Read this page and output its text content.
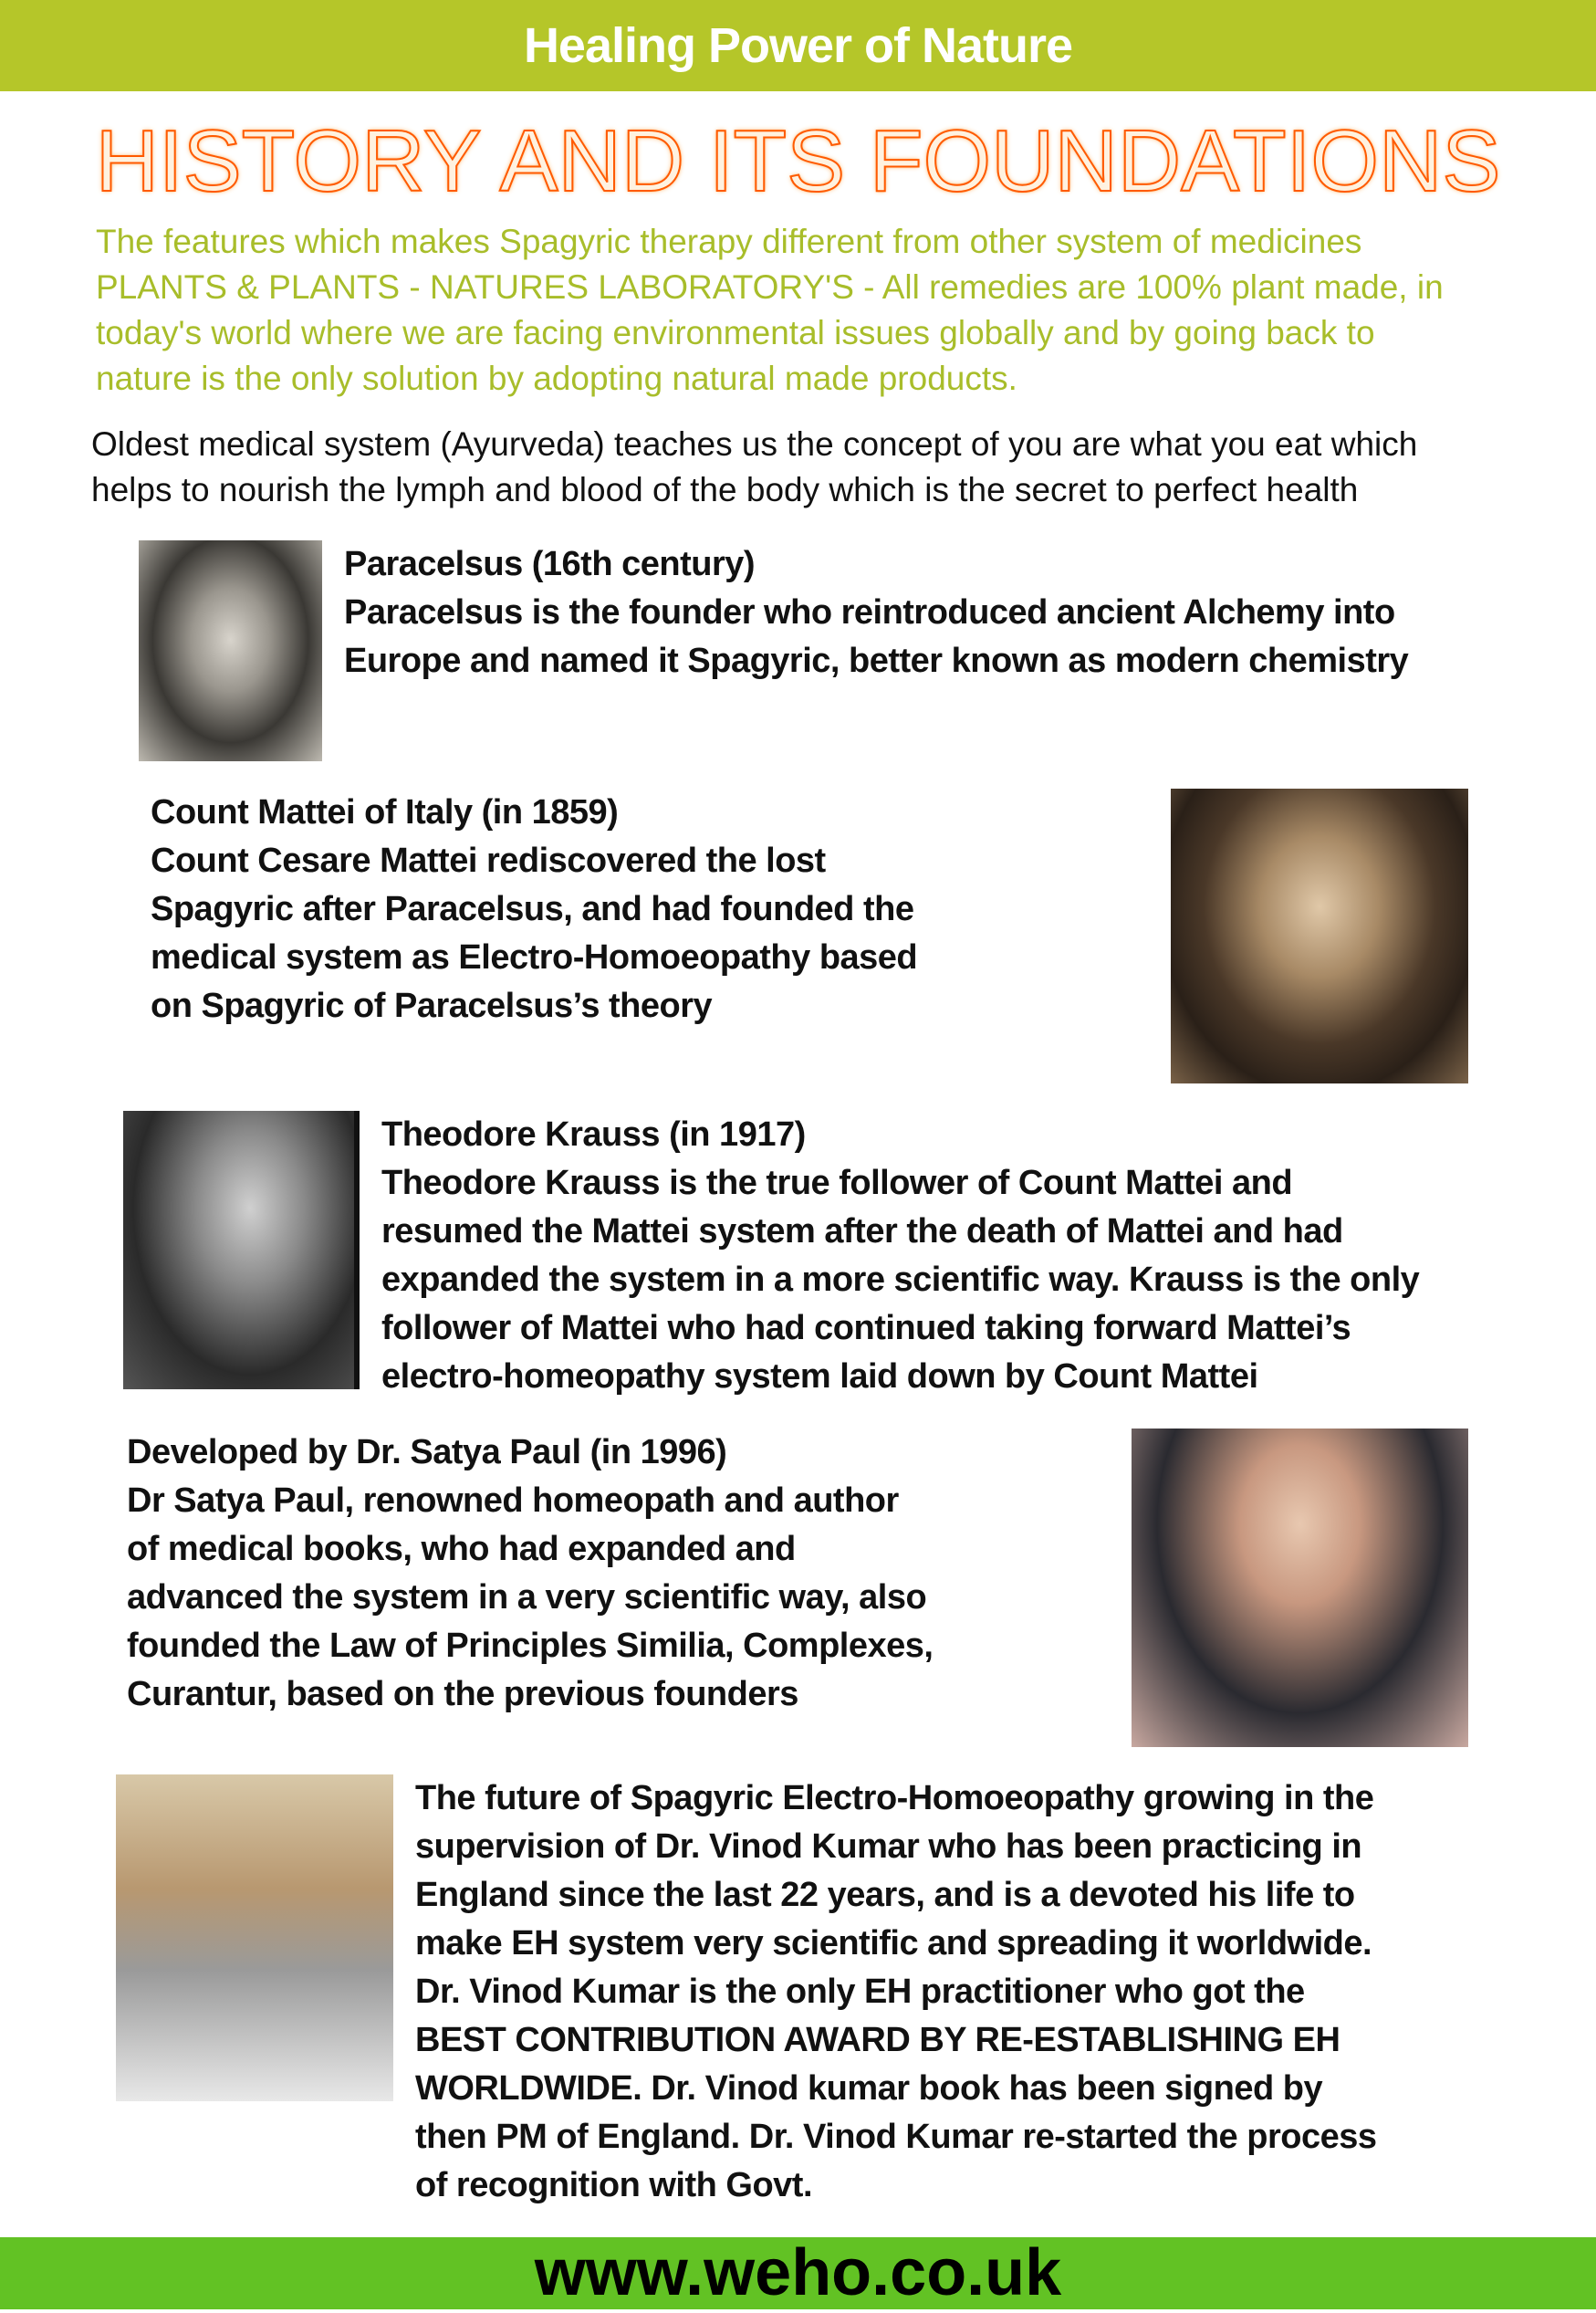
Healing Power of Nature
HISTORY AND ITS FOUNDATIONS
The features which makes Spagyric therapy different from other system of medicines
PLANTS & PLANTS - NATURES LABORATORY'S - All remedies are 100% plant made, in
today's world where we are facing environmental issues globally and by going back to
nature is the only solution by adopting natural made products.
Oldest medical system (Ayurveda) teaches us the concept of you are what you eat which
helps to nourish the lymph and blood of the body which is the secret to perfect health
Paracelsus (16th century)
Paracelsus is the founder who reintroduced ancient Alchemy into
Europe and named it Spagyric, better known as modern chemistry
Count Mattei of Italy (in 1859)
Count Cesare Mattei rediscovered the lost
Spagyric after Paracelsus, and had founded the
medical system as Electro-Homoeopathy based
on Spagyric of Paracelsus’s theory
Theodore Krauss (in 1917)
Theodore Krauss is the true follower of Count Mattei and
resumed the Mattei system after the death of Mattei and had
expanded the system in a more scientific way. Krauss is the only
follower of Mattei who had continued taking forward Mattei’s
electro-homeopathy system laid down by Count Mattei
Developed by Dr. Satya Paul (in 1996)
Dr Satya Paul, renowned homeopath and author
of medical books, who had expanded and
advanced the system in a very scientific way, also
founded the Law of Principles Similia, Complexes,
Curantur, based on the previous founders
The future of Spagyric Electro-Homoeopathy growing in the
supervision of Dr. Vinod Kumar who has been practicing in
England since the last 22 years, and is a devoted his life to
make EH system very scientific and spreading it worldwide.
Dr. Vinod Kumar is the only EH practitioner who got the
BEST CONTRIBUTION AWARD BY RE-ESTABLISHING EH
WORLDWIDE. Dr. Vinod kumar book has been signed by
then PM of England. Dr. Vinod Kumar re-started the process
of recognition with Govt.
www.weho.co.uk
